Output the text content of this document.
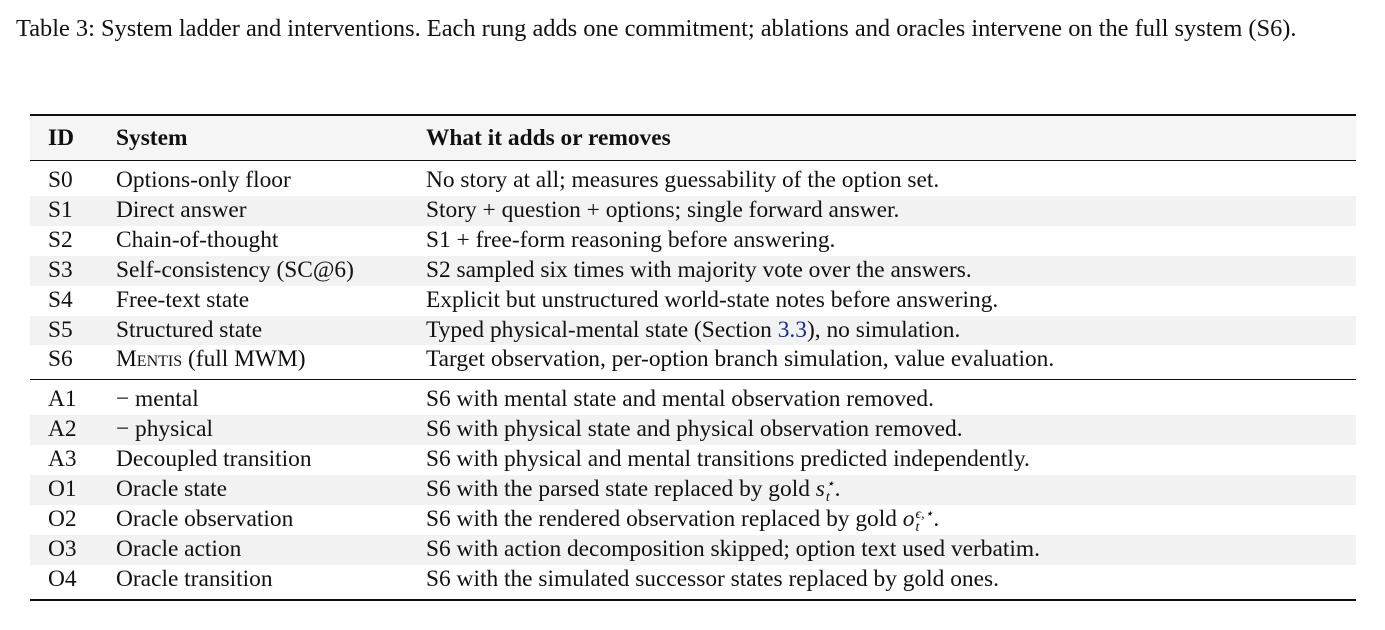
Table 3: System ladder and interventions. Each rung adds one commitment; ablations and oracles intervene on the full system (S6).

ID	System	What it adds or removes
S0	Options-only floor	No story at all; measures guessability of the option set.
S1	Direct answer	Story + question + options; single forward answer.
S2	Chain-of-thought	S1 + free-form reasoning before answering.
S3	Self-consistency (SC@6)	S2 sampled six times with majority vote over the answers.
S4	Free-text state	Explicit but unstructured world-state notes before answering.
S5	Structured state	Typed physical-mental state (Section 3.3), no simulation.
S6	Mentis (full MWM)	Target observation, per-option branch simulation, value evaluation.
A1	− mental	S6 with mental state and mental observation removed.
A2	− physical	S6 with physical state and physical observation removed.
A3	Decoupled transition	S6 with physical and mental transitions predicted independently.
O1	Oracle state	S6 with the parsed state replaced by gold s ⋆
t .
O2	Oracle observation	S6 with the rendered observation replaced by gold o ϵ,⋆
t .
O3	Oracle action	S6 with action decomposition skipped; option text used verbatim.
O4	Oracle transition	S6 with the simulated successor states replaced by gold ones.
